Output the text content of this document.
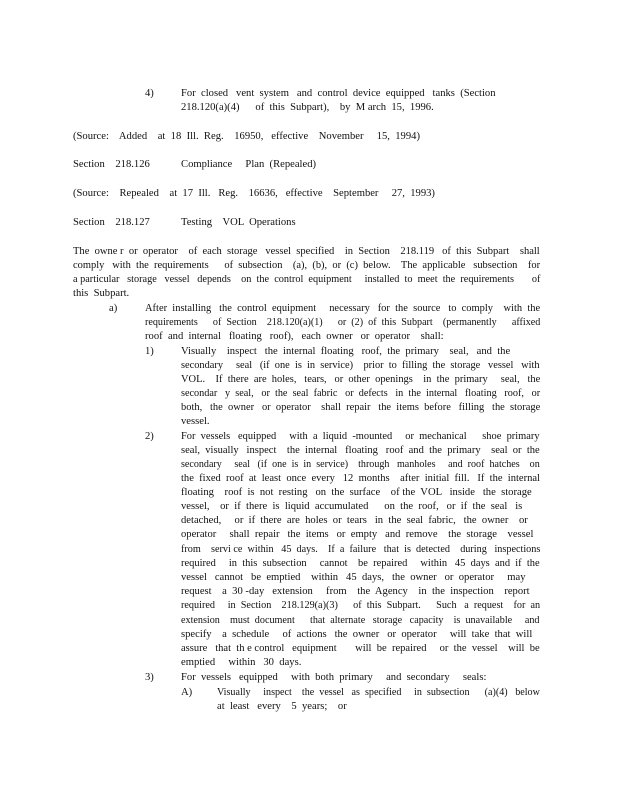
4)	For  closed   vent  system   and  control  device  equipped   tanks  (Section
218.120(a)(4)      of  this  Subpart),    by  M arch  15,  1996.
(Source:    Added    at  18  Ill.  Reg.    16950,   effective    November     15,  1994)
Section    218.126	Compliance     Plan  (Repealed)
(Source:    Repealed    at  17  Ill.   Reg.    16636,   effective    September     27,  1993)
Section    218.127	Testing    VOL  Operations
The  owne r  or  operator    of  each  storage   vessel  specified    in  Section    218.119   of  this  Subpart    shall
comply   with  the  requirements      of  subsection    (a),  (b),  or  (c)  below.    The  applicable   subsection    for
a particular   storage   vessel   depends    on  the  control  equipment     installed  to  meet  the  requirements       of
this  Subpart.
a)	After  installing   the  control  equipment     necessary   for  the  source   to  comply    with  the
requirements      of  Section    218.120(a)(1)      or  (2)  of  this  Subpart    (permanently      affixed
roof  and  internal   floating   roof),   each  owner   or  operator    shall:
1)	Visually    inspect   the  internal  floating   roof,  the  primary    seal,   and  the
secondary     seal   (if  one  is  in  service)    prior  to  filling  the  storage   vessel   with
VOL.    If  there  are  holes,   tears,   or  other  openings    in  the  primary     seal,   the
secondar   y  seal,   or  the  seal  fabric   or  defects   in  the  internal   floating   roof,   or
both,   the  owner   or  operator    shall  repair   the  items  before   filling   the  storage
vessel.
2)	For  vessels   equipped     with  a  liquid  -mounted     or  mechanical      shoe  primary
seal,  visually   inspect    the  internal   floating   roof  and  the  primary    seal  or  the
secondary     seal   (if  one  is  in  service)    through   manholes     and  roof  hatches    on
the  fixed  roof  at  least  once  every   12  months    after  initial  fill.   If  the  internal
floating    roof  is  not  resting   on  the  surface    of the  VOL   inside   the  storage
vessel,    or  if  there  is  liquid  accumulated      on  the  roof,   or  if  the  seal   is
detached,     or  if  there  are  holes  or  tears   in  the  seal  fabric,   the  owner    or
operator     shall  repair   the  items   or  empty   and  remove    the  storage    vessel
from    servi ce  within   45  days.    If  a  failure   that  is  detected    during   inspections
required     in  this  subsection     cannot    be  repaired     within   45  days  and  if  the
vessel   cannot   be  emptied    within   45  days,   the  owner   or  operator     may
request    a  30 -day   extension     from    the  Agency    in  the  inspection    report
required     in  Section    218.129(a)(3)      of  this  Subpart.      Such   a  request    for  an
extension    must  document      that  alternate   storage   capacity    is  unavailable     and
specify    a  schedule     of  actions   the  owner   or  operator     will  take  that  will
assure   that  th e control   equipment       will  be  repaired     or  the  vessel    will  be
emptied     within   30  days.
3)	For  vessels   equipped     with  both  primary     and  secondary     seals:
A) Visually     inspect    the  vessel   as  specified     in  subsection      (a)(4)   below
at  least   every    5  years;    or
